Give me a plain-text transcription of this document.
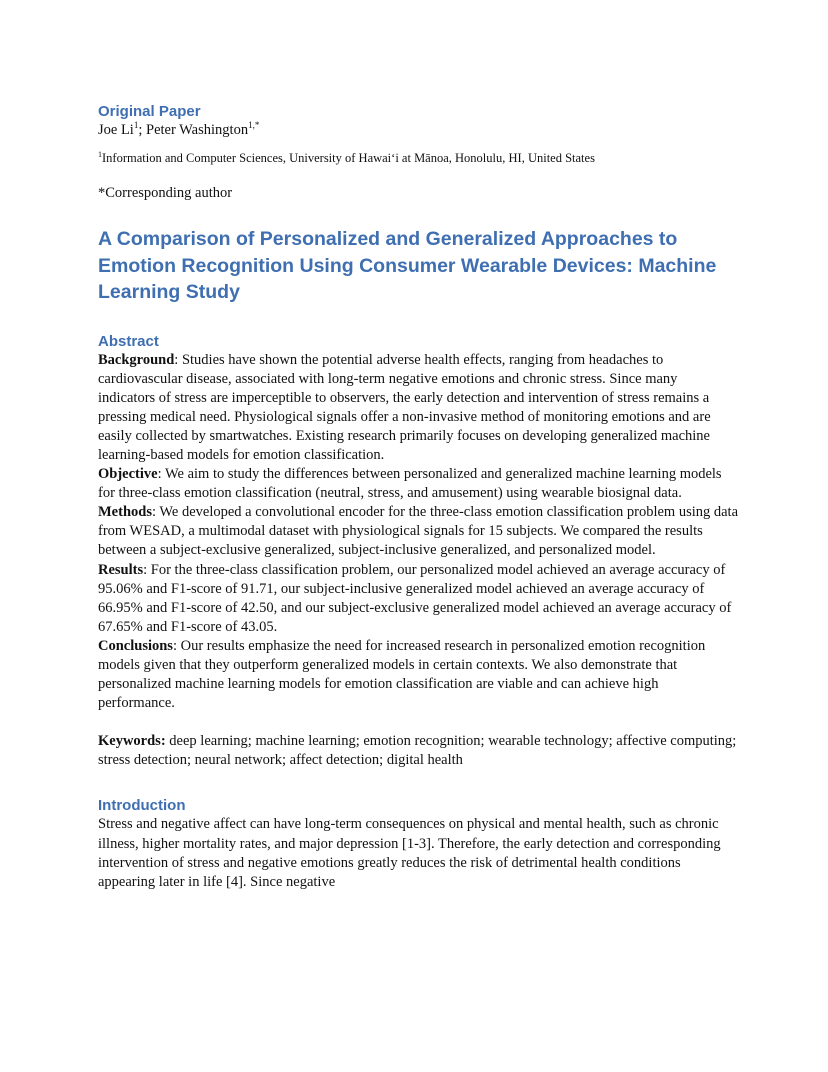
Original Paper

Joe Li$^1$; Peter Washington$^{1,*}$

$^1$Information and Computer Sciences, University of Hawaiʻi at Mānoa, Honolulu, HI, United States

*Corresponding author

A Comparison of Personalized and Generalized Approaches to Emotion Recognition Using Consumer Wearable Devices: Machine Learning Study

Abstract

Background: Studies have shown the potential adverse health effects, ranging from headaches to cardiovascular disease, associated with long-term negative emotions and chronic stress. Since many indicators of stress are imperceptible to observers, the early detection and intervention of stress remains a pressing medical need. Physiological signals offer a non-invasive method of monitoring emotions and are easily collected by smartwatches. Existing research primarily focuses on developing generalized machine learning-based models for emotion classification.

Objective: We aim to study the differences between personalized and generalized machine learning models for three-class emotion classification (neutral, stress, and amusement) using wearable biosignal data.

Methods: We developed a convolutional encoder for the three-class emotion classification problem using data from WESAD, a multimodal dataset with physiological signals for 15 subjects. We compared the results between a subject-exclusive generalized, subject-inclusive generalized, and personalized model.

Results: For the three-class classification problem, our personalized model achieved an average accuracy of 95.06% and F1-score of 91.71, our subject-inclusive generalized model achieved an average accuracy of 66.95% and F1-score of 42.50, and our subject-exclusive generalized model achieved an average accuracy of 67.65% and F1-score of 43.05.

Conclusions: Our results emphasize the need for increased research in personalized emotion recognition models given that they outperform generalized models in certain contexts. We also demonstrate that personalized machine learning models for emotion classification are viable and can achieve high performance.

Keywords: deep learning; machine learning; emotion recognition; wearable technology; affective computing; stress detection; neural network; affect detection; digital health

Introduction

Stress and negative affect can have long-term consequences on physical and mental health, such as chronic illness, higher mortality rates, and major depression [1-3]. Therefore, the early detection and corresponding intervention of stress and negative emotions greatly reduces the risk of detrimental health conditions appearing later in life [4]. Since negative
